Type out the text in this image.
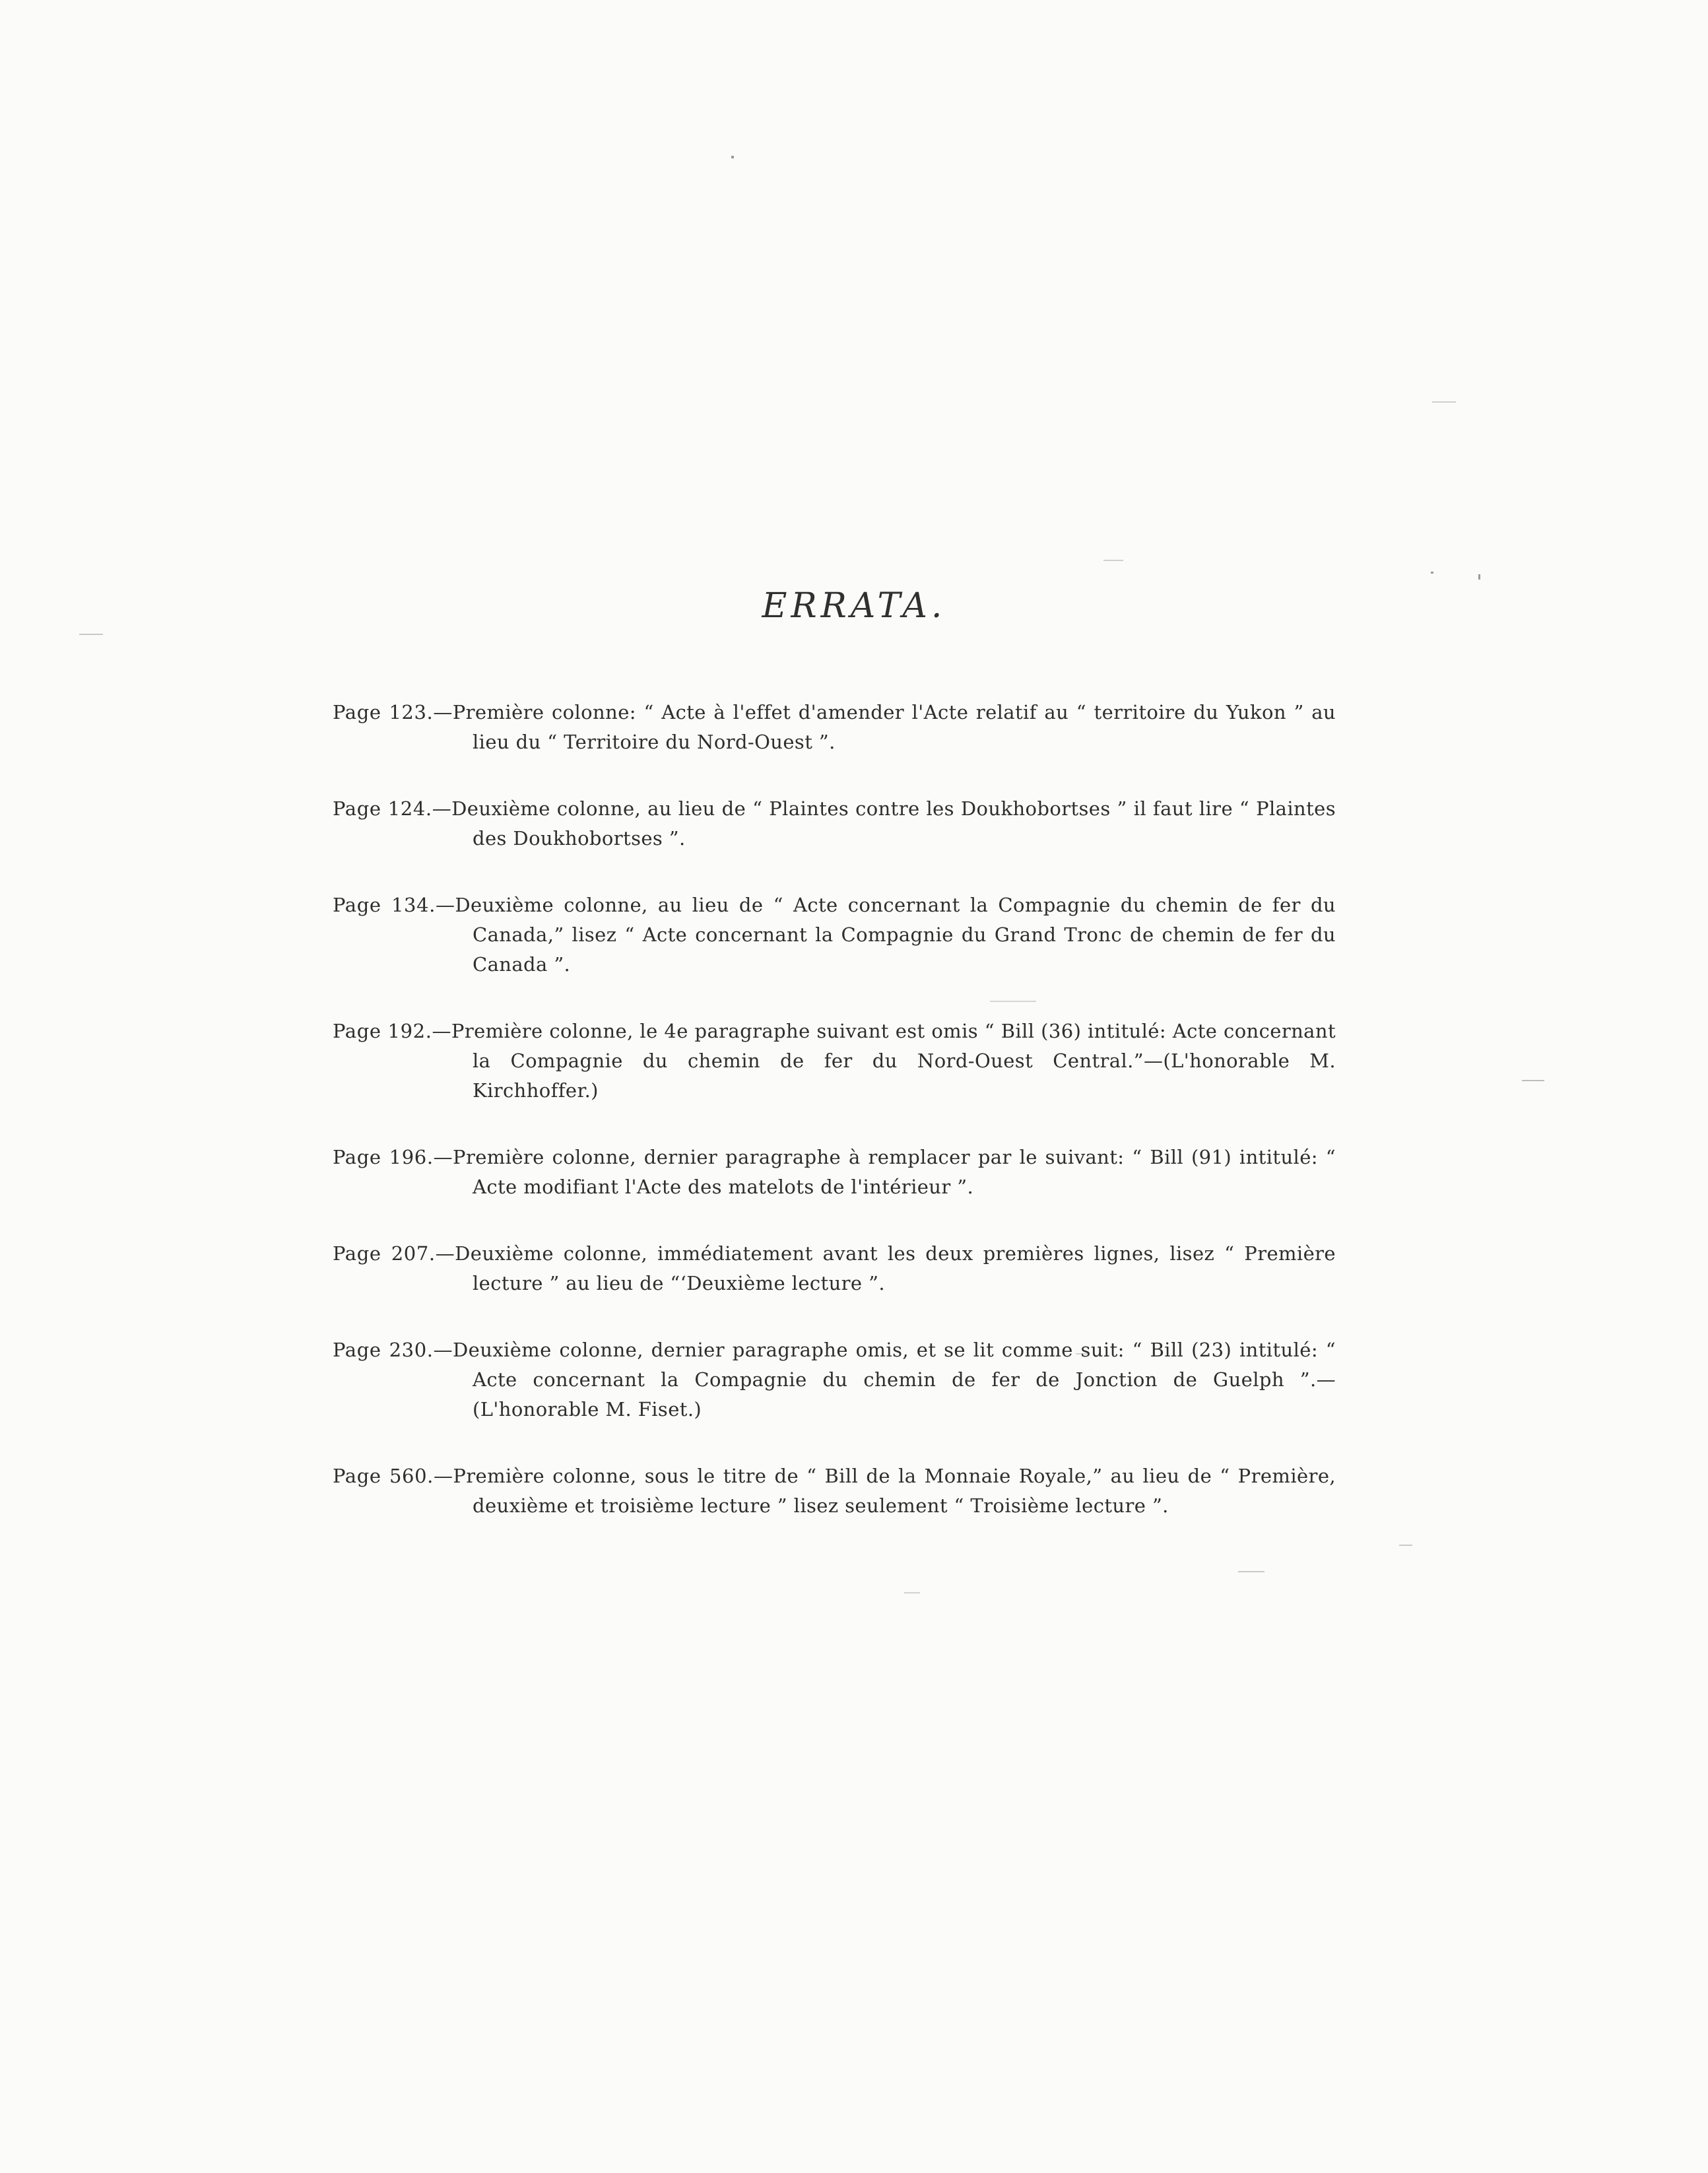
ERRATA.

Page 123.—Première colonne: “ Acte à l'effet d'amender l'Acte relatif au “ territoire du Yukon ” au lieu du “ Territoire du Nord-Ouest ”.

Page 124.—Deuxième colonne, au lieu de “ Plaintes contre les Doukhobortses ” il faut lire “ Plaintes des Doukhobortses ”.

Page 134.—Deuxième colonne, au lieu de “ Acte concernant la Compagnie du chemin de fer du Canada,” lisez “ Acte concernant la Compagnie du Grand Tronc de chemin de fer du Canada ”.

Page 192.—Première colonne, le 4e paragraphe suivant est omis “ Bill (36) intitulé: Acte concernant la Compagnie du chemin de fer du Nord-Ouest Central.”—(L'honorable M. Kirchhoffer.)

Page 196.—Première colonne, dernier paragraphe à remplacer par le suivant: “ Bill (91) intitulé: “ Acte modifiant l'Acte des matelots de l'intérieur ”.

Page 207.—Deuxième colonne, immédiatement avant les deux premières lignes, lisez “ Première lecture ” au lieu de “‘Deuxième lecture ”.

Page 230.—Deuxième colonne, dernier paragraphe omis, et se lit comme suit: “ Bill (23) intitulé: “ Acte concernant la Compagnie du chemin de fer de Jonction de Guelph ”.—(L'honorable M. Fiset.)

Page 560.—Première colonne, sous le titre de “ Bill de la Monnaie Royale,” au lieu de “ Première, deuxième et troisième lecture ” lisez seulement “ Troisième lecture ”.
